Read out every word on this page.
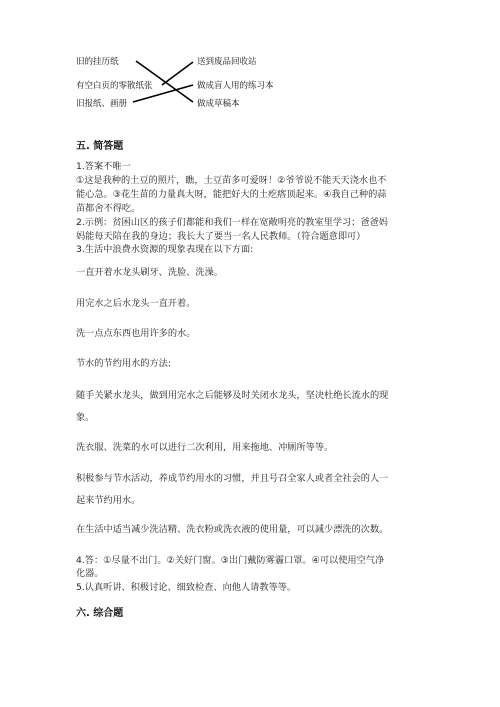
旧的挂历纸
有空白页的零散纸张
旧报纸、画册
送到废品回收站
做成盲人用的练习本
做成草稿本
五. 简答题
1.答案不唯一
①这是我种的土豆的照片，瞧，土豆苗多可爱呀！②爷爷说不能天天浇水也不
能心急。③花生苗的力量真大呀，能把好大的土疙瘩顶起来。④我自己种的蒜
苗都舍不得吃。
2.示例：贫困山区的孩子们都能和我们一样在宽敞明亮的教室里学习；爸爸妈
妈能每天陪在我的身边；我长大了要当一名人民教师。（符合题意即可）
3.生活中浪费水资源的现象表现在以下方面:
一直开着水龙头刷牙、洗脸、洗澡。
用完水之后水龙头一直开着。
洗一点点东西也用许多的水。
节水的节约用水的方法:
随手关紧水龙头，做到用完水之后能够及时关闭水龙头，坚决杜绝长流水的现
象。
洗衣服、洗菜的水可以进行二次利用，用来拖地、冲厕所等等。
积极参与节水活动，养成节约用水的习惯，并且号召全家人或者全社会的人一
起来节约用水。
在生活中适当减少洗洁精、洗衣粉或洗衣液的使用量，可以减少漂洗的次数。
4.答：①尽量不出门。②关好门窗。③出门戴防雾霾口罩。④可以使用空气净
化器。
5.认真听讲、积极讨论、细致检查、向他人请教等等。
六. 综合题
